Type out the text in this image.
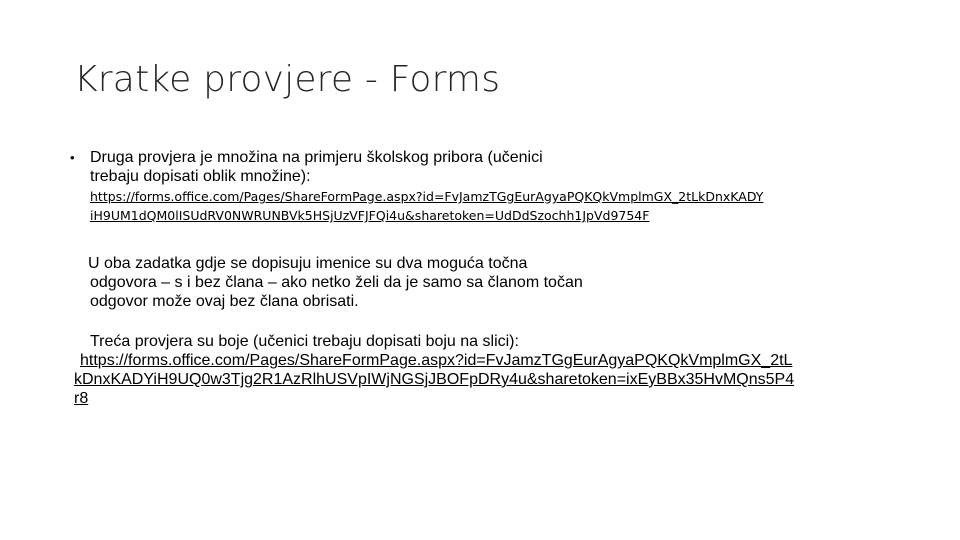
Kratke provjere - Forms
• Druga provjera je množina na primjeru školskog pribora (učenici
trebaju dopisati oblik množine):
https://forms.office.com/Pages/ShareFormPage.aspx?id=FvJamzTGgEurAgyaPQKQkVmplmGX_2tLkDnxKADY
iH9UM1dQM0lISUdRV0NWRUNBVk5HSjUzVFJFQi4u&sharetoken=UdDdSzochh1JpVd9754F
U oba zadatka gdje se dopisuju imenice su dva moguća točna
odgovora – s i bez člana – ako netko želi da je samo sa članom točan
odgovor može ovaj bez člana obrisati.
Treća provjera su boje (učenici trebaju dopisati boju na slici):
https://forms.office.com/Pages/ShareFormPage.aspx?id=FvJamzTGgEurAgyaPQKQkVmplmGX_2tL
kDnxKADYiH9UQ0w3Tjg2R1AzRlhUSVpIWjNGSjJBOFpDRy4u&sharetoken=ixEyBBx35HvMQns5P4
r8
